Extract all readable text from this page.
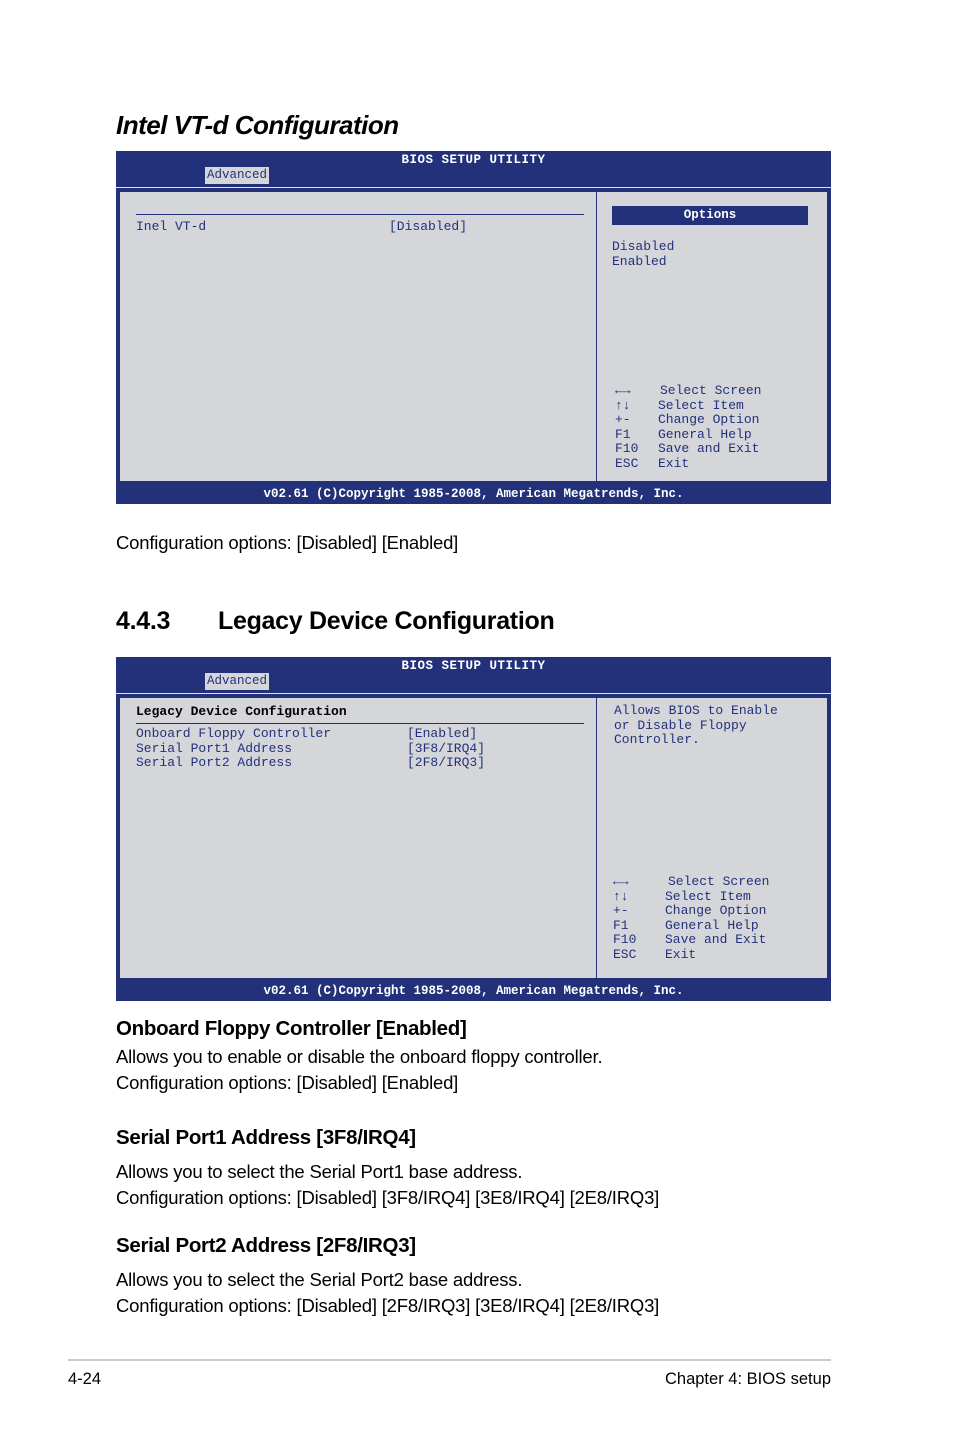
Intel VT-d Configuration
BIOS SETUP UTILITY
Advanced
Inel VT-d	[Disabled]
Options
Disabled
Enabled
←→ Select Screen
↑↓ Select Item
+- Change Option
F1 General Help
F10 Save and Exit
ESC Exit
v02.61 (C)Copyright 1985-2008, American Megatrends, Inc.
Configuration options: [Disabled] [Enabled]
4.4.3 Legacy Device Configuration
BIOS SETUP UTILITY
Advanced
Legacy Device Configuration
Onboard Floppy Controller	[Enabled]
Serial Port1 Address	[3F8/IRQ4]
Serial Port2 Address	[2F8/IRQ3]
Allows BIOS to Enable
or Disable Floppy
Controller.
←→	Select Screen
↑↓	Select Item
+-	Change Option
F1	General Help
F10 Save and Exit
ESC Exit
v02.61 (C)Copyright 1985-2008, American Megatrends, Inc.
Onboard Floppy Controller [Enabled]
Allows you to enable or disable the onboard floppy controller.
Configuration options: [Disabled] [Enabled]
Serial Port1 Address [3F8/IRQ4]
Allows you to select the Serial Port1 base address.
Configuration options: [Disabled] [3F8/IRQ4] [3E8/IRQ4] [2E8/IRQ3]
Serial Port2 Address [2F8/IRQ3]
Allows you to select the Serial Port2 base address.
Configuration options: [Disabled] [2F8/IRQ3] [3E8/IRQ4] [2E8/IRQ3]
4-24	Chapter 4: BIOS setup
